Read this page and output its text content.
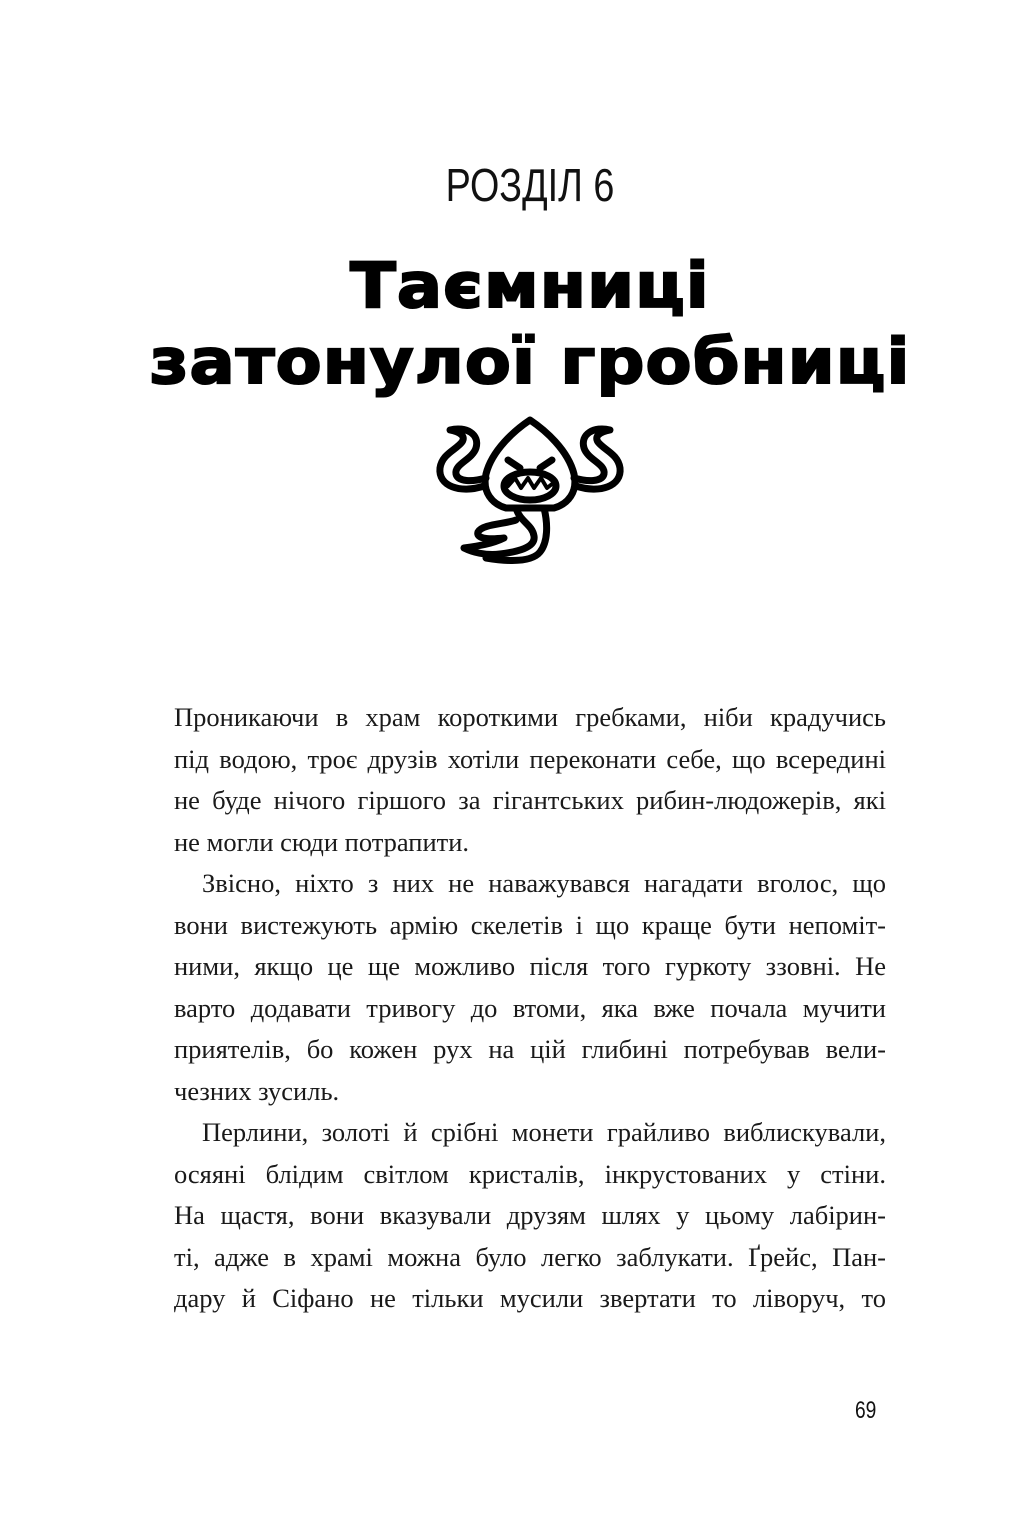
РОЗДІЛ 6
Таємниці
затонулої гробниці

Проникаючи в храм короткими гребками, ніби крадучись
під водою, троє друзів хотіли переконати себе, що всередині
не буде нічого гіршого за гігантських рибин-людожерів, які
не могли сюди потрапити.

Звісно, ніхто з них не наважувався нагадати вголос, що
вони вистежують армію скелетів і що краще бути непоміт-
ними, якщо це ще можливо після того гуркоту ззовні. Не
варто додавати тривогу до втоми, яка вже почала мучити
приятелів, бо кожен рух на цій глибині потребував вели-
чезних зусиль.

Перлини, золоті й срібні монети грайливо виблискували,
осяяні блідим світлом кристалів, інкрустованих у стіни.
На щастя, вони вказували друзям шлях у цьому лабірин-
ті, адже в храмі можна було легко заблукати. Ґрейс, Пан-
дару й Сіфано не тільки мусили звертати то ліворуч, то

69
